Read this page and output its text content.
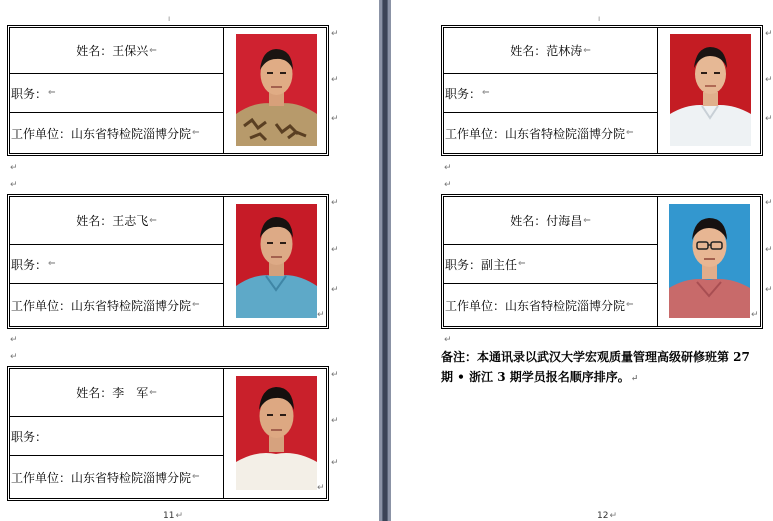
ı	ı
姓名：王保兴 ⇐
职务： ⇐
工作单位：山东省特检院淄博分院 ⇐
↵
↵
↵
↵
↵
姓名：王志飞 ⇐
职务： ⇐
工作单位：山东省特检院淄博分院 ⇐
↵
↵
↵
↵
↵
↵
姓名：李　军 ⇐
职务：
工作单位：山东省特检院淄博分院 ⇐
↵
↵
↵
↵
姓名：范林涛 ⇐
职务： ⇐
工作单位：山东省特检院淄博分院 ⇐
↵
↵
↵
↵
↵
姓名：付海昌 ⇐
职务：副主任 ⇐
工作单位：山东省特检院淄博分院 ⇐
↵
↵
↵
↵
↵
备注：本通讯录以武汉大学宏观质量管理高级研修班第 27 期 • 浙江 3 期学员报名顺序排序。↵
11↵	12↵
